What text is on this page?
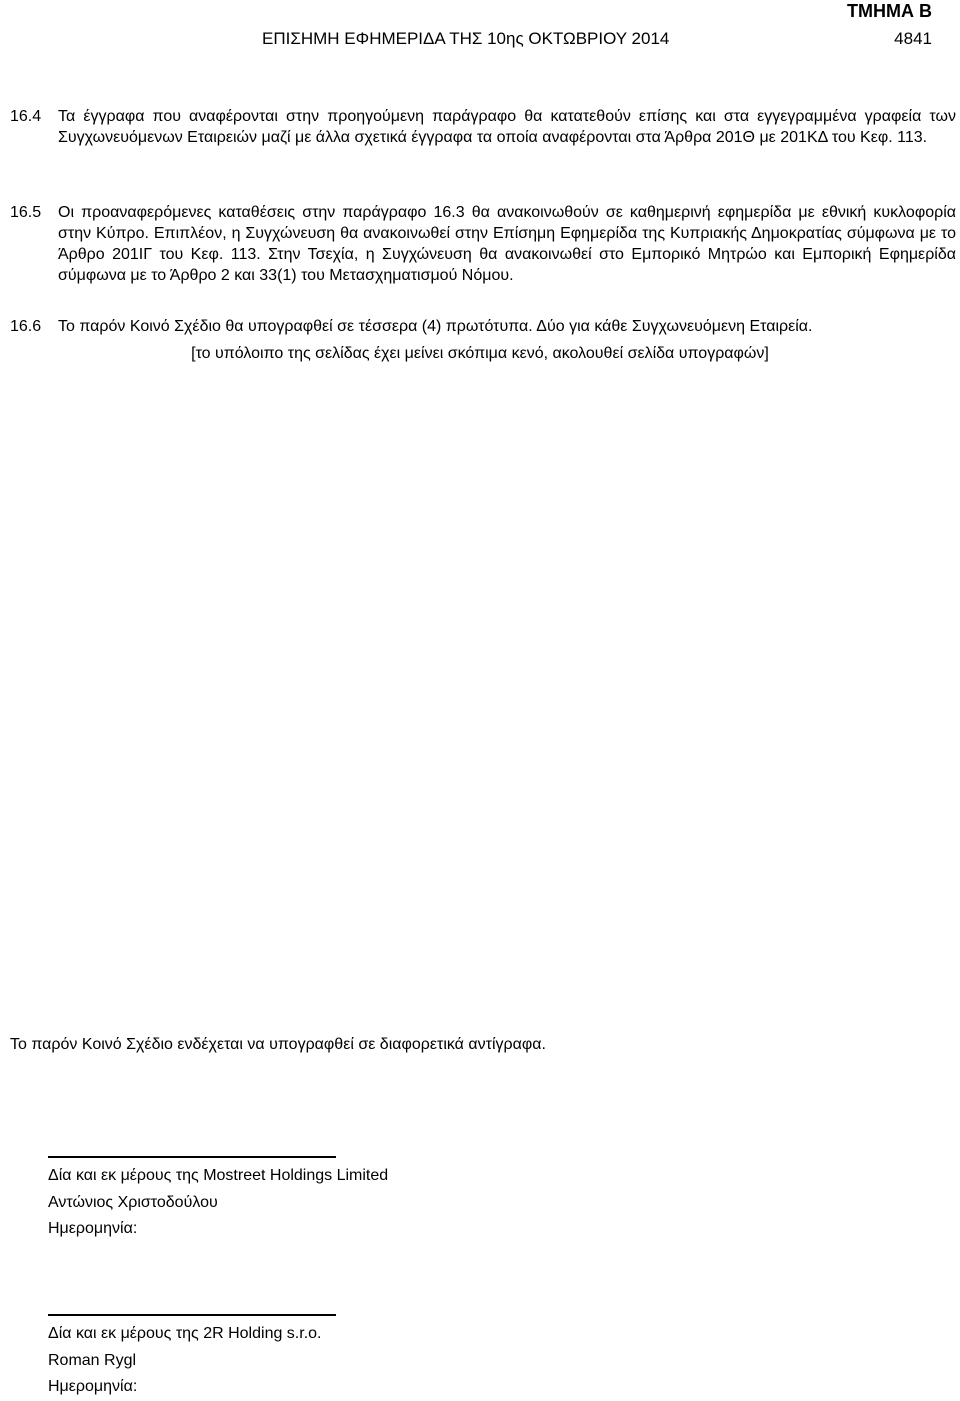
ΤΜΗΜΑ Β
ΕΠΙΣΗΜΗ ΕΦΗΜΕΡΙΔΑ ΤΗΣ 10ης ΟΚΤΩΒΡΙΟΥ 2014	4841
16.4	Τα έγγραφα που αναφέρονται στην προηγούμενη παράγραφο θα κατατεθούν επίσης και στα εγγεγραμμένα γραφεία των Συγχωνευόμενων Εταιρειών μαζί με άλλα σχετικά έγγραφα τα οποία αναφέρονται στα Άρθρα 201Θ με 201ΚΔ του Κεφ. 113.
16.5	Οι προαναφερόμενες καταθέσεις στην παράγραφο 16.3 θα ανακοινωθούν σε καθημερινή εφημερίδα με εθνική κυκλοφορία στην Κύπρο. Επιπλέον, η Συγχώνευση θα ανακοινωθεί στην Επίσημη Εφημερίδα της Κυπριακής Δημοκρατίας σύμφωνα με το Άρθρο 201ΙΓ του Κεφ. 113. Στην Τσεχία, η Συγχώνευση θα ανακοινωθεί στο Εμπορικό Μητρώο και Εμπορική Εφημερίδα σύμφωνα με το Άρθρο 2 και 33(1) του Μετασχηματισμού Νόμου.
16.6	Το παρόν Κοινό Σχέδιο θα υπογραφθεί σε τέσσερα (4) πρωτότυπα. Δύο για κάθε Συγχωνευόμενη Εταιρεία.
[το υπόλοιπο της σελίδας έχει μείνει σκόπιμα κενό, ακολουθεί σελίδα υπογραφών]
Το παρόν Κοινό Σχέδιο ενδέχεται να υπογραφθεί σε διαφορετικά αντίγραφα.
Δία και εκ μέρους της Mostreet Holdings Limited
Αντώνιος Χριστοδούλου
Ημερομηνία:
Δία και εκ μέρους της 2R Holding s.r.o.
Roman Rygl
Ημερομηνία:
